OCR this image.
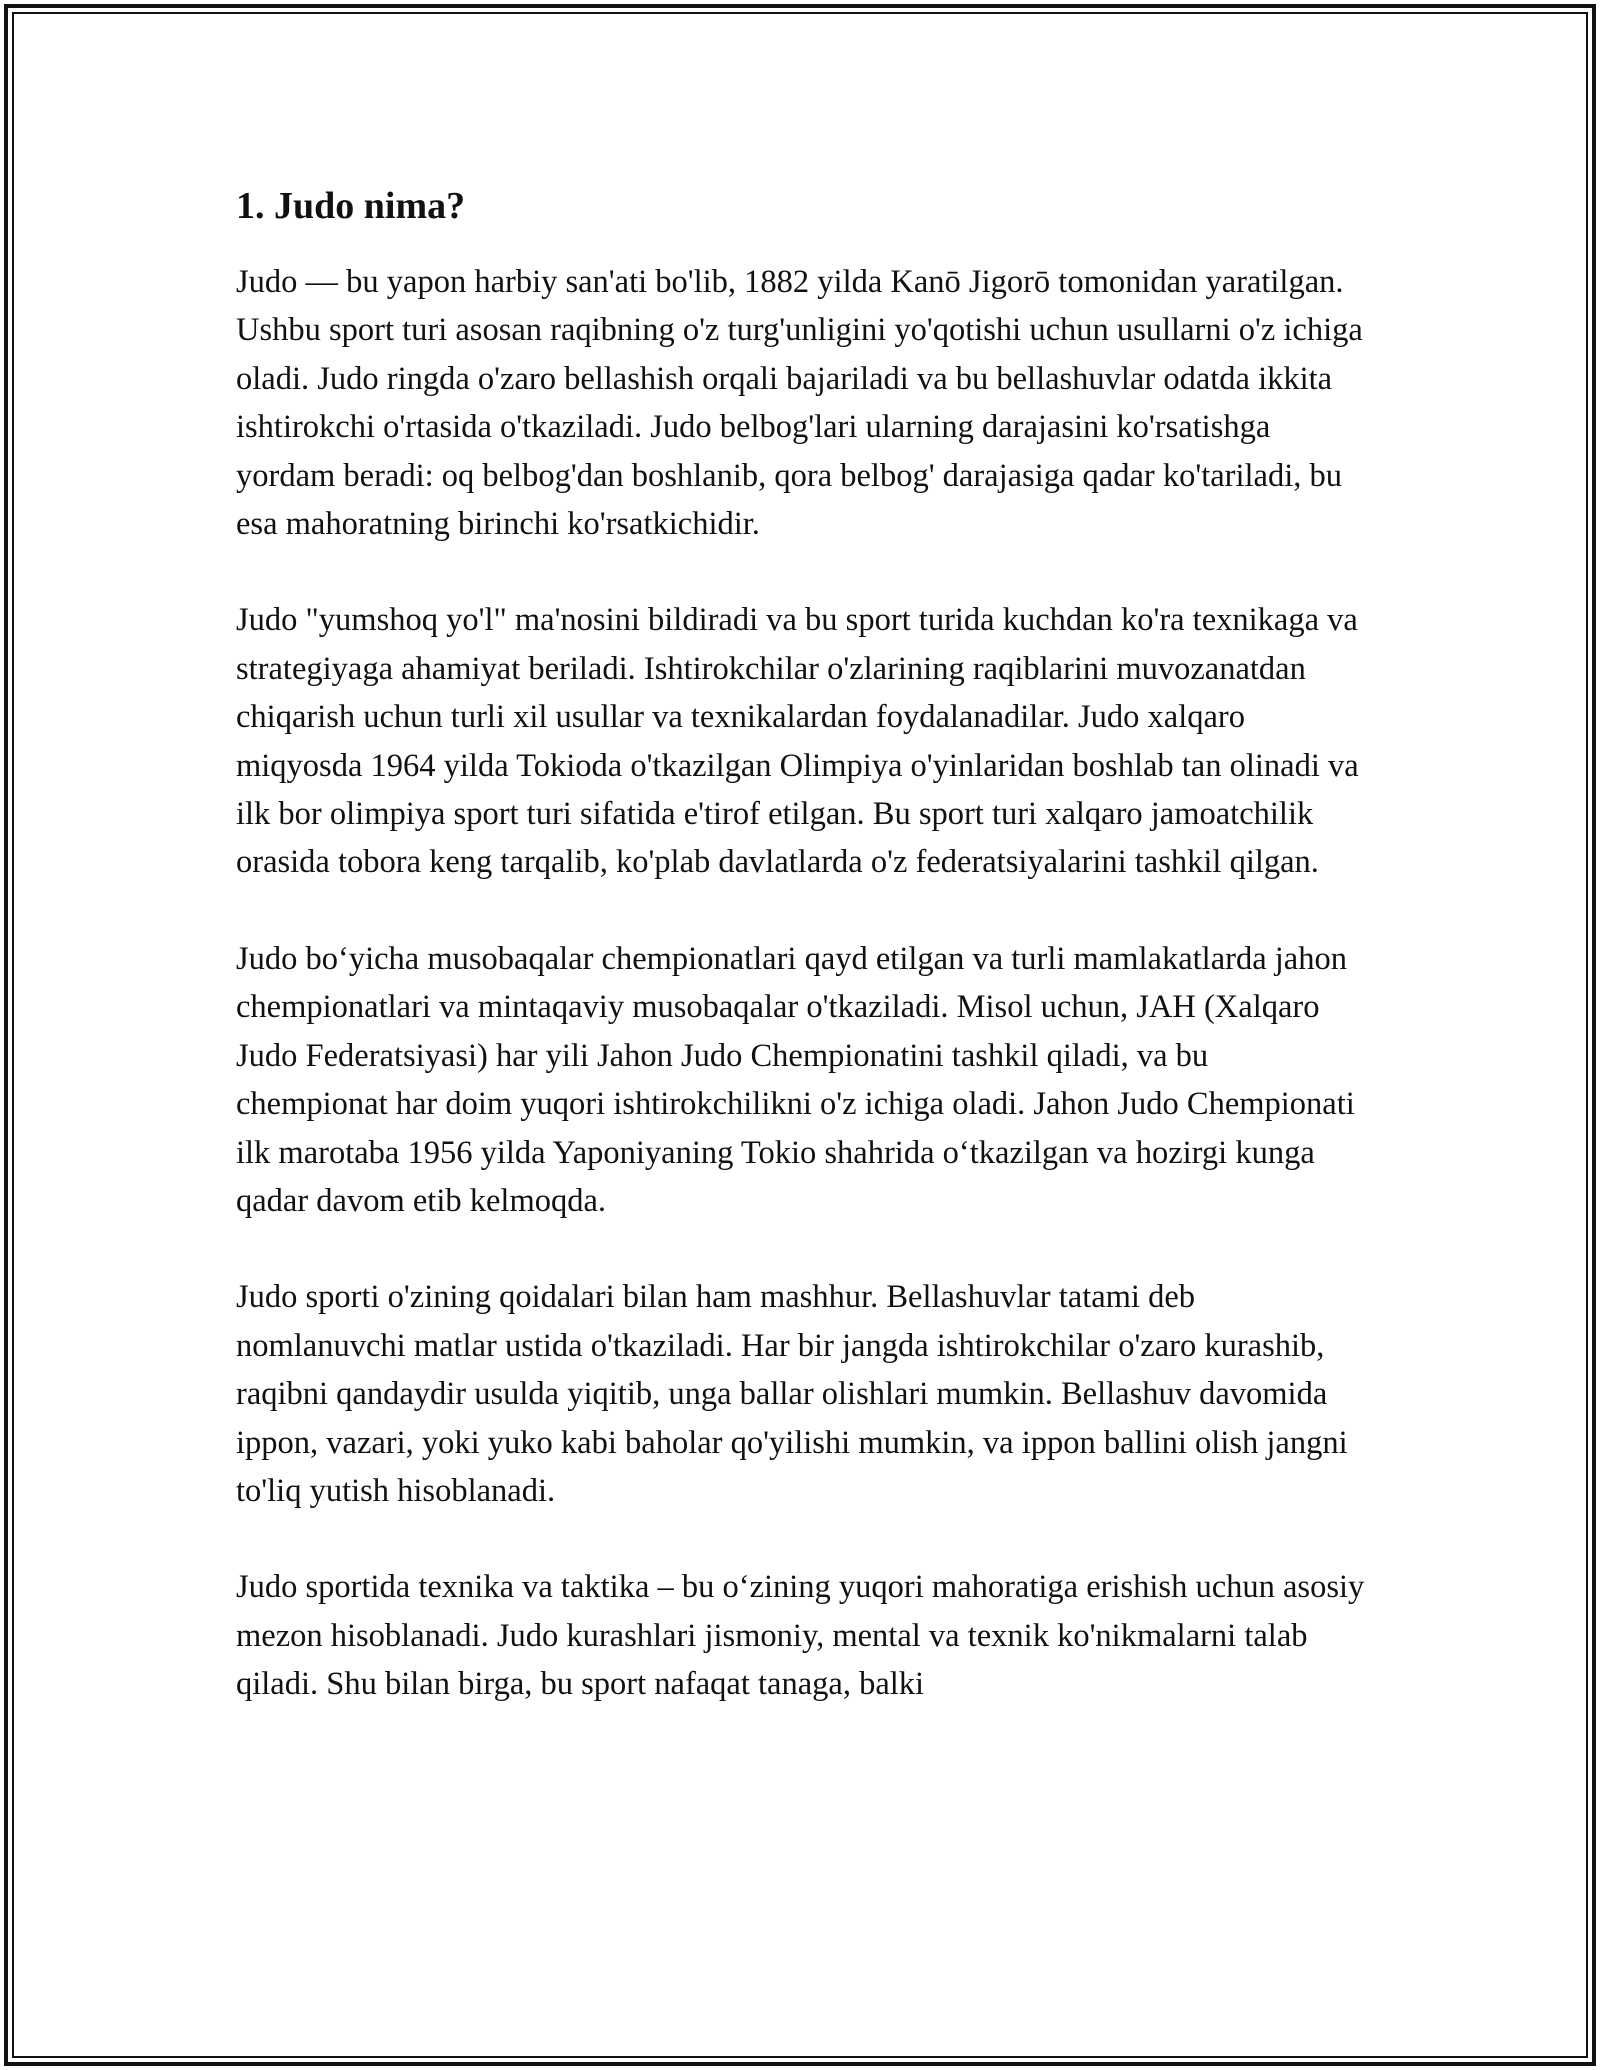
1. Judo nima?

Judo — bu yapon harbiy san'ati bo'lib, 1882 yilda Kanō Jigorō tomonidan yaratilgan. Ushbu sport turi asosan raqibning o'z turg'unligini yo'qotishi uchun usullarni o'z ichiga oladi. Judo ringda o'zaro bellashish orqali bajariladi va bu bellashuvlar odatda ikkita ishtirokchi o'rtasida o'tkaziladi. Judo belbog'lari ularning darajasini ko'rsatishga yordam beradi: oq belbog'dan boshlanib, qora belbog' darajasiga qadar ko'tariladi, bu esa mahoratning birinchi ko'rsatkichidir.

Judo "yumshoq yo'l" ma'nosini bildiradi va bu sport turida kuchdan ko'ra texnikaga va strategiyaga ahamiyat beriladi. Ishtirokchilar o'zlarining raqiblarini muvozanatdan chiqarish uchun turli xil usullar va texnikalardan foydalanadilar. Judo xalqaro miqyosda 1964 yilda Tokioda o'tkazilgan Olimpiya o'yinlaridan boshlab tan olinadi va ilk bor olimpiya sport turi sifatida e'tirof etilgan. Bu sport turi xalqaro jamoatchilik orasida tobora keng tarqalib, ko'plab davlatlarda o'z federatsiyalarini tashkil qilgan.

Judo bo‘yicha musobaqalar chempionatlari qayd etilgan va turli mamlakatlarda jahon chempionatlari va mintaqaviy musobaqalar o'tkaziladi. Misol uchun, JAH (Xalqaro Judo Federatsiyasi) har yili Jahon Judo Chempionatini tashkil qiladi, va bu chempionat har doim yuqori ishtirokchilikni o'z ichiga oladi. Jahon Judo Chempionati ilk marotaba 1956 yilda Yaponiyaning Tokio shahrida o‘tkazilgan va hozirgi kunga qadar davom etib kelmoqda.

Judo sporti o'zining qoidalari bilan ham mashhur. Bellashuvlar tatami deb nomlanuvchi matlar ustida o'tkaziladi. Har bir jangda ishtirokchilar o'zaro kurashib, raqibni qandaydir usulda yiqitib, unga ballar olishlari mumkin. Bellashuv davomida ippon, vazari, yoki yuko kabi baholar qo'yilishi mumkin, va ippon ballini olish jangni to'liq yutish hisoblanadi.

Judo sportida texnika va taktika – bu o‘zining yuqori mahoratiga erishish uchun asosiy mezon hisoblanadi. Judo kurashlari jismoniy, mental va texnik ko'nikmalarni talab qiladi. Shu bilan birga, bu sport nafaqat tanaga, balki
